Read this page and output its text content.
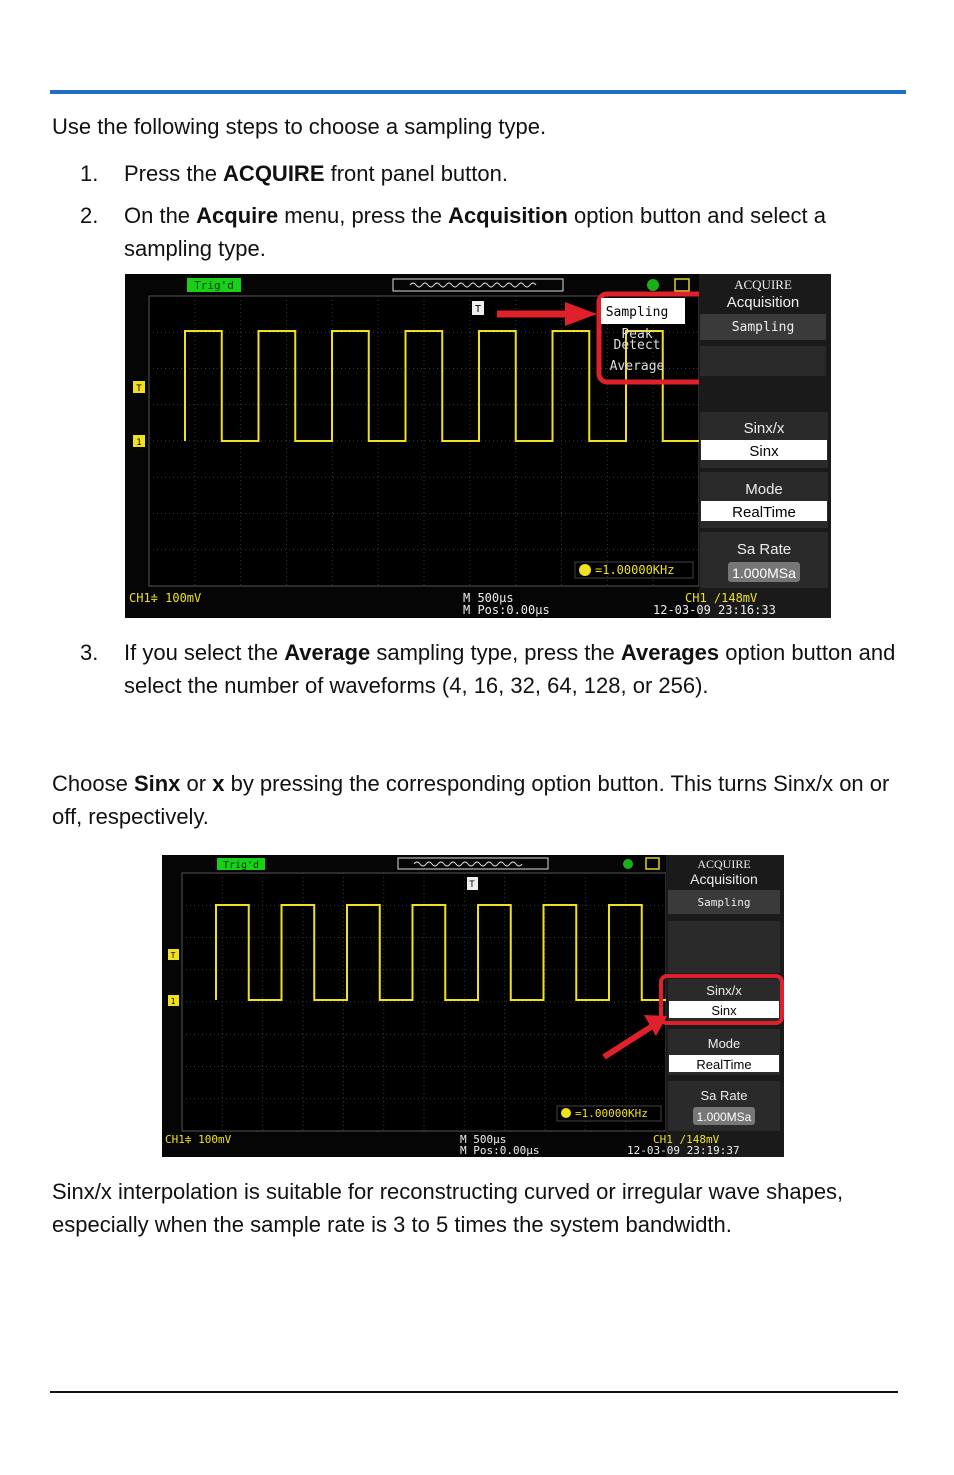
Use the following steps to choose a sampling type.

1.	Press the ACQUIRE front panel button.
2.	On the Acquire menu, press the Acquisition option button and select a sampling type.
Trig'd
T
1
T	Sampling
Peak
Detect
Average
ACQUIRE
Acquisition
Sampling
Sinx/x
Sinx
Mode
RealTime
Sa Rate
1.000MSa
=1.00000KHz
CH1≑ 100mV	M 500μs
M Pos:0.00μs
CH1 ∕148mV
12-03-09 23:16:33
3.	If you select the Average sampling type, press the Averages option button and select the number of waveforms (4, 16, 32, 64, 128, or 256).

Choose Sinx or x by pressing the corresponding option button. This turns Sinx/x on or off, respectively.

Trig'd
T
1
T
ACQUIRE
Acquisition
Sampling
Sinx/x
Sinx
Mode
RealTime
Sa Rate
1.000MSa
=1.00000KHz
CH1≑ 100mV	M 500μs
M Pos:0.00μs
CH1 ∕148mV
12-03-09 23:19:37

Sinx/x interpolation is suitable for reconstructing curved or irregular wave shapes, especially when the sample rate is 3 to 5 times the system bandwidth.
